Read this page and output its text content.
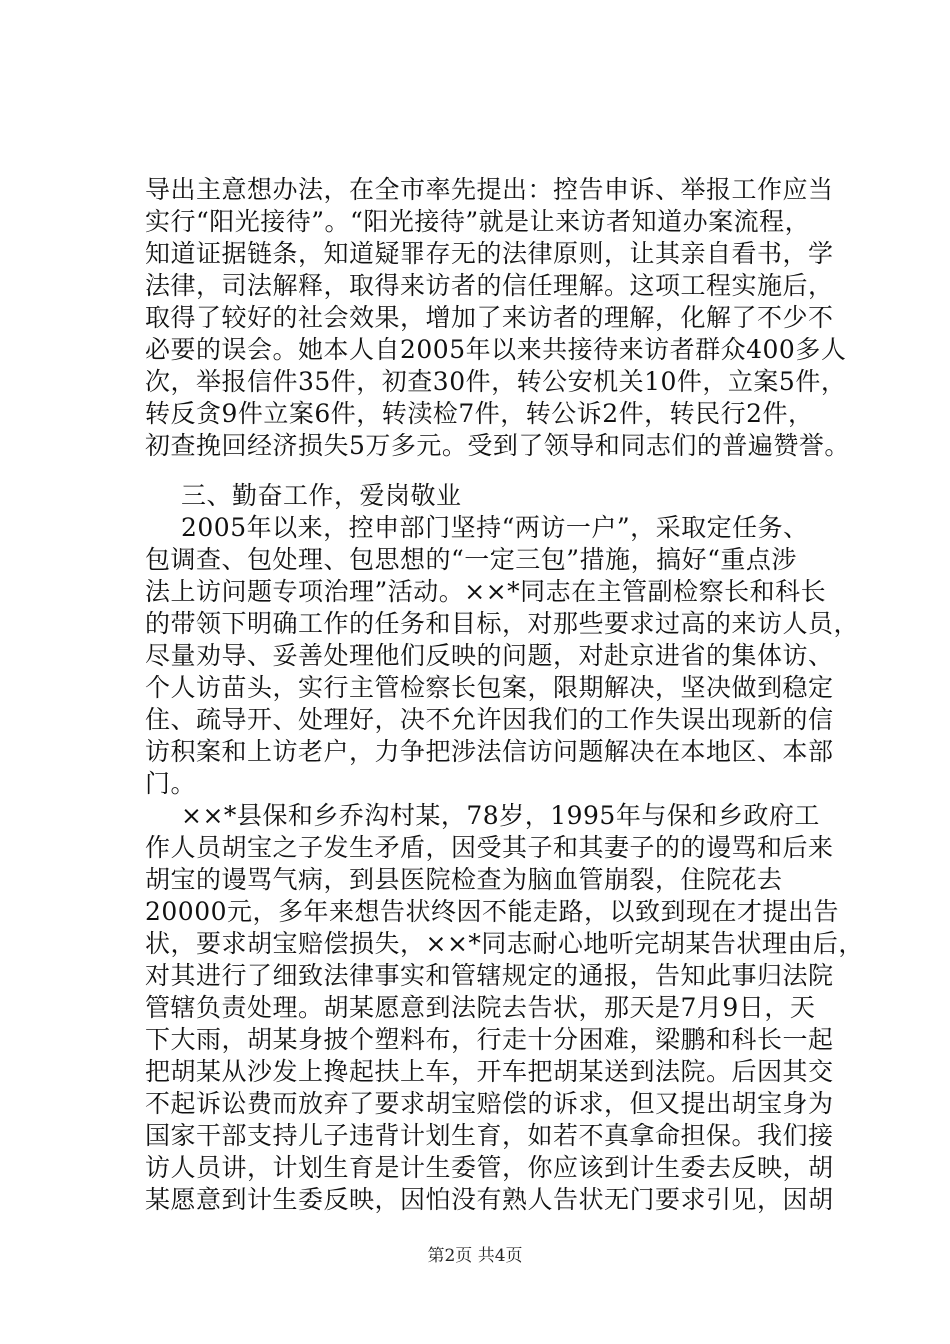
导出主意想办法，在全市率先提出：控告申诉、举报工作应当
实行“阳光接待”。“阳光接待”就是让来访者知道办案流程，
知道证据链条，知道疑罪存无的法律原则，让其亲自看书，学
法律，司法解释，取得来访者的信任理解。这项工程实施后，
取得了较好的社会效果，增加了来访者的理解，化解了不少不
必要的误会。她本人自2005年以来共接待来访者群众400多人
次，举报信件35件，初查30件，转公安机关10件，立案5件，
转反贪9件立案6件，转渎检7件，转公诉2件，转民行2件，
初查挽回经济损失5万多元。受到了领导和同志们的普遍赞誉。
三、勤奋工作，爱岗敬业
2005年以来，控申部门坚持“两访一户”，采取定任务、
包调查、包处理、包思想的“一定三包”措施，搞好“重点涉
法上访问题专项治理”活动。××*同志在主管副检察长和科长
的带领下明确工作的任务和目标，对那些要求过高的来访人员，
尽量劝导、妥善处理他们反映的问题，对赴京进省的集体访、
个人访苗头，实行主管检察长包案，限期解决，坚决做到稳定
住、疏导开、处理好，决不允许因我们的工作失误出现新的信
访积案和上访老户，力争把涉法信访问题解决在本地区、本部
门。
××*县保和乡乔沟村某，78岁，1995年与保和乡政府工
作人员胡宝之子发生矛盾，因受其子和其妻子的的谩骂和后来
胡宝的谩骂气病，到县医院检查为脑血管崩裂，住院花去
20000元，多年来想告状终因不能走路，以致到现在才提出告
状，要求胡宝赔偿损失，××*同志耐心地听完胡某告状理由后，
对其进行了细致法律事实和管辖规定的通报，告知此事归法院
管辖负责处理。胡某愿意到法院去告状，那天是7月9日，天
下大雨，胡某身披个塑料布，行走十分困难，梁鹏和科长一起
把胡某从沙发上搀起扶上车，开车把胡某送到法院。后因其交
不起诉讼费而放弃了要求胡宝赔偿的诉求，但又提出胡宝身为
国家干部支持儿子违背计划生育，如若不真拿命担保。我们接
访人员讲，计划生育是计生委管，你应该到计生委去反映，胡
某愿意到计生委反映，因怕没有熟人告状无门要求引见，因胡
第2页 共4页
